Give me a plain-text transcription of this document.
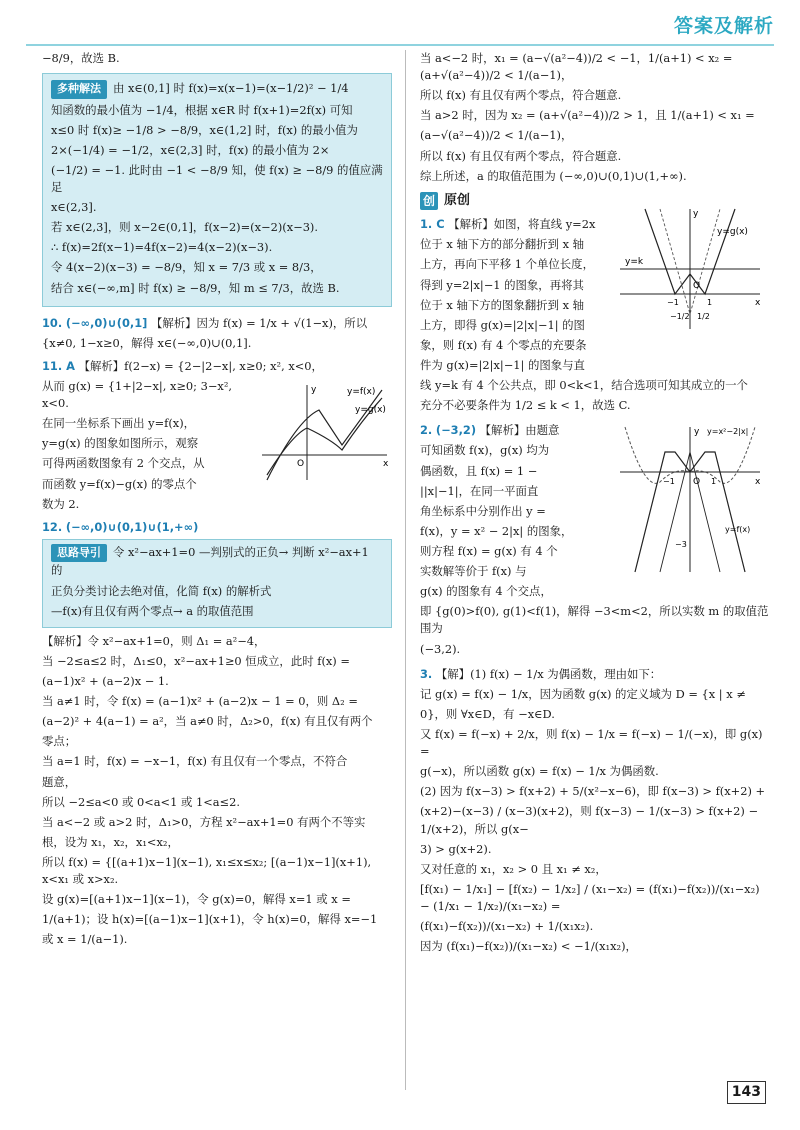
答案及解析

−8/9，故选 B.

多种解法 由 x∈(0,1] 时 f(x)=x(x−1)=(x−1/2)² − 1/4

知函数的最小值为 −1/4，根据 x∈R 时 f(x+1)=2f(x) 可知

x≤0 时 f(x)≥ −1/8 > −8/9，x∈(1,2] 时，f(x) 的最小值为

2×(−1/4) = −1/2，x∈(2,3] 时，f(x) 的最小值为 2×

(−1/2) = −1. 此时由 −1 < −8/9 知，使 f(x) ≥ −8/9 的值应满足

x∈(2,3].

若 x∈(2,3]，则 x−2∈(0,1]，f(x−2)=(x−2)(x−3).

∴ f(x)=2f(x−1)=4f(x−2)=4(x−2)(x−3).

令 4(x−2)(x−3) = −8/9，知 x = 7/3 或 x = 8/3，

结合 x∈(−∞,m] 时 f(x) ≥ −8/9，知 m ≤ 7/3，故选 B.

10. (−∞,0)∪(0,1] 【解析】因为 f(x) = 1/x + √(1−x)，所以

{x≠0, 1−x≥0，解得 x∈(−∞,0)∪(0,1].

11. A 【解析】f(2−x) = {2−|2−x|, x≥0; x², x<0，

从而 g(x) = {1+|2−x|, x≥0; 3−x², x<0.

在同一坐标系下画出 y=f(x)，

y=g(x) 的图象如图所示，观察

可得两函数图象有 2 个交点，从

而函数 y=f(x)−g(x) 的零点个

数为 2.

O	x
y	y=f(x)
y=g(x)

12. (−∞,0)∪(0,1)∪(1,+∞)

思路导引 令 x²−ax+1=0 —判别式的正负→ 判断 x²−ax+1 的

正负分类讨论去绝对值，化简 f(x) 的解析式

—f(x)有且仅有两个零点→ a 的取值范围

【解析】令 x²−ax+1=0，则 Δ₁ = a²−4，

当 −2≤a≤2 时，Δ₁≤0，x²−ax+1≥0 恒成立，此时 f(x) =

(a−1)x² + (a−2)x − 1.

当 a≠1 时，令 f(x) = (a−1)x² + (a−2)x − 1 = 0，则 Δ₂ =

(a−2)² + 4(a−1) = a²，当 a≠0 时，Δ₂>0，f(x) 有且仅有两个

零点；

当 a=1 时，f(x) = −x−1，f(x) 有且仅有一个零点，不符合

题意，

所以 −2≤a<0 或 0<a<1 或 1<a≤2.

当 a<−2 或 a>2 时，Δ₁>0，方程 x²−ax+1=0 有两个不等实

根，设为 x₁，x₂，x₁<x₂，

所以 f(x) = {[(a+1)x−1](x−1), x₁≤x≤x₂; [(a−1)x−1](x+1), x<x₁ 或 x>x₂.

设 g(x)=[(a+1)x−1](x−1)，令 g(x)=0，解得 x=1 或 x =

1/(a+1)；设 h(x)=[(a−1)x−1](x+1)，令 h(x)=0，解得 x=−1

或 x = 1/(a−1).

当 a<−2 时，x₁ = (a−√(a²−4))/2 < −1，1/(a+1) < x₂ = (a+√(a²−4))/2 < 1/(a−1)，

所以 f(x) 有且仅有两个零点，符合题意.

当 a>2 时，因为 x₂ = (a+√(a²−4))/2 > 1，且 1/(a+1) < x₁ =

(a−√(a²−4))/2 < 1/(a−1)，

所以 f(x) 有且仅有两个零点，符合题意.

综上所述，a 的取值范围为 (−∞,0)∪(0,1)∪(1,+∞).

创 原创

1. C 【解析】如图，将直线 y=2x

位于 x 轴下方的部分翻折到 x 轴

上方，再向下平移 1 个单位长度，

得到 y=2|x|−1 的图象，再将其

位于 x 轴下方的图象翻折到 x 轴

上方，即得 g(x)=|2|x|−1| 的图

象，则 f(x) 有 4 个零点的充要条

件为 g(x)=|2|x|−1| 的图象与直

线 y=k 有 4 个公共点，即 0<k<1，结合选项可知其成立的一个

充分不必要条件为 1/2 ≤ k < 1，故选 C.

y=k
y=g(x)
O
x
y
−1	1
−1/2 1/2

2. (−3,2) 【解析】由题意

可知函数 f(x)，g(x) 均为

偶函数，且 f(x) = 1 −

||x|−1|，在同一平面直

角坐标系中分别作出 y =

f(x)，y = x² − 2|x| 的图象，

则方程 f(x) = g(x) 有 4 个

实数解等价于 f(x) 与

g(x) 的图象有 4 个交点，

即 {g(0)>f(0), g(1)<f(1)，解得 −3<m<2，所以实数 m 的取值范围为

(−3,2).

y=x²−2|x|
y=f(x)
O	x
y
−1	1
−3

3. 【解】(1) f(x) − 1/x 为偶函数，理由如下：

记 g(x) = f(x) − 1/x，因为函数 g(x) 的定义域为 D = {x | x ≠

0}，则 ∀x∈D，有 −x∈D.

又 f(x) = f(−x) + 2/x，则 f(x) − 1/x = f(−x) − 1/(−x)，即 g(x) =

g(−x)，所以函数 g(x) = f(x) − 1/x 为偶函数.

(2) 因为 f(x−3) > f(x+2) + 5/(x²−x−6)，即 f(x−3) > f(x+2) +

(x+2)−(x−3) / (x−3)(x+2)，则 f(x−3) − 1/(x−3) > f(x+2) − 1/(x+2)，所以 g(x−

3) > g(x+2).

又对任意的 x₁，x₂ > 0 且 x₁ ≠ x₂，

[f(x₁) − 1/x₁] − [f(x₂) − 1/x₂] / (x₁−x₂) = (f(x₁)−f(x₂))/(x₁−x₂) − (1/x₁ − 1/x₂)/(x₁−x₂) =

(f(x₁)−f(x₂))/(x₁−x₂) + 1/(x₁x₂).

因为 (f(x₁)−f(x₂))/(x₁−x₂) < −1/(x₁x₂)，

143
